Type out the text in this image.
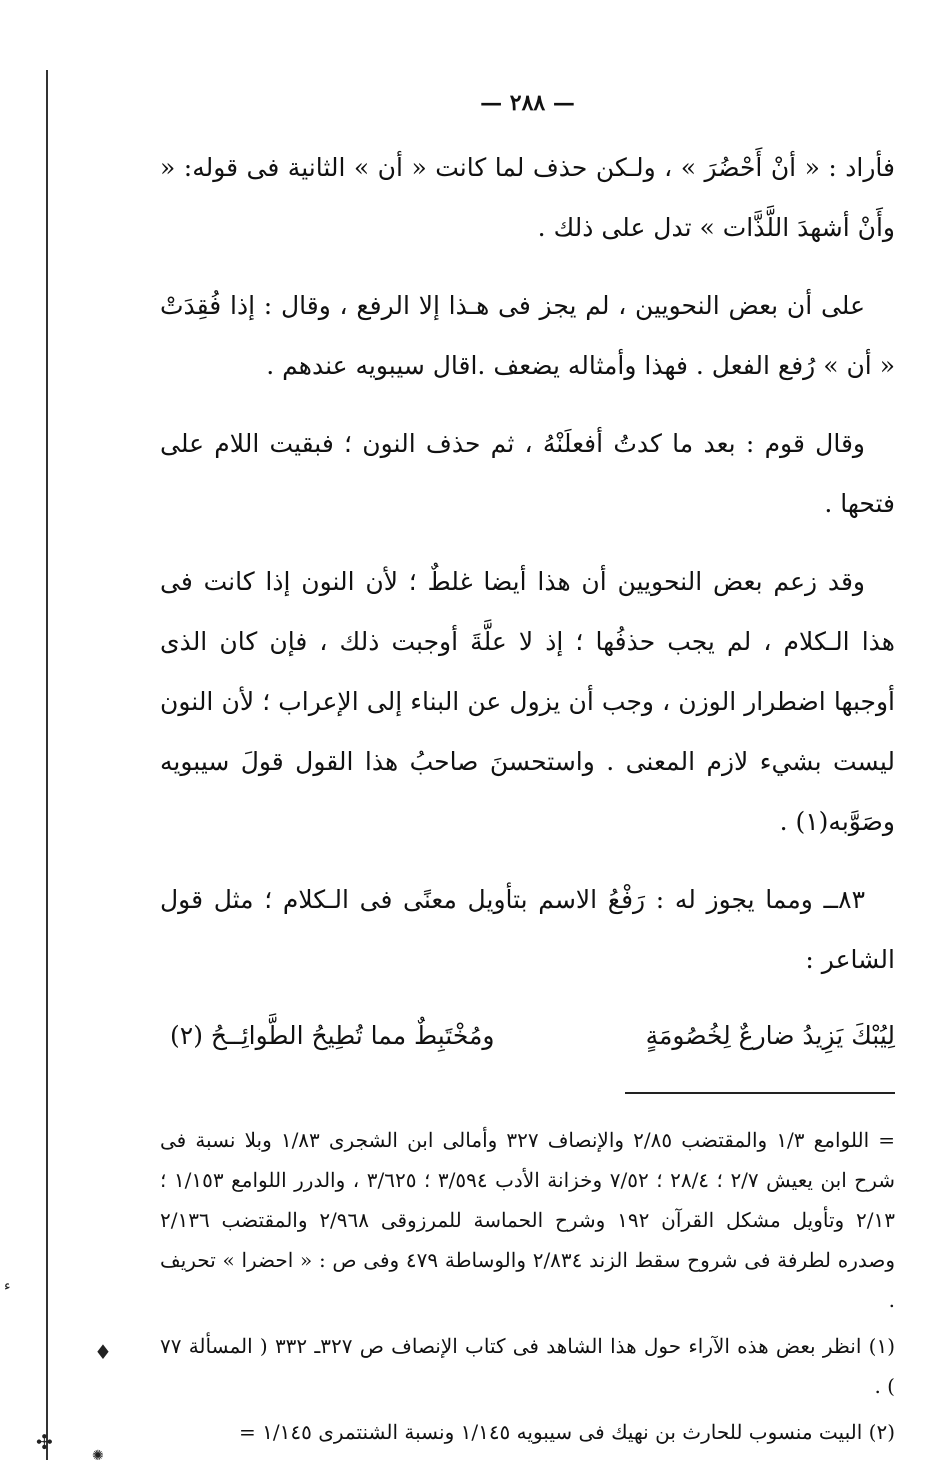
ء
♦
✣
✺
— ٢٨٨ —

فأراد : « أنْ أَحْضُرَ » ، ولـكن حذف لما كانت « أن » الثانية فى قوله: « وأَنْ أشهدَ اللَّذَّات » تدل على ذلك .

على أن بعض النحويين ، لم يجز فى هـذا إلا الرفع ، وقال : إذا فُقِدَتْ « أن » رُفع الفعل . فهذا وأمثاله يضعف .اقال سيبويه عندهم .

وقال قوم : بعد ما كدتُ أفعلَنْهُ ، ثم حذف النون ؛ فبقيت اللام على فتحها .

وقد زعم بعض النحويين أن هذا أيضا غلطٌ ؛ لأن النون إذا كانت فى هذا الـكلام ، لم يجب حذفُها ؛ إذ لا علَّةَ أوجبت ذلك ، فإن كان الذى أوجبها اضطرار الوزن ، وجب أن يزول عن البناء إلى الإعراب ؛ لأن النون ليست بشيء لازم المعنى . واستحسنَ صاحبُ هذا القول قولَ سيبويه وصَوَّبه(١) .

٨٣ــ ومما يجوز له : رَفْعُ الاسم بتأويل معنًى فى الـكلام ؛ مثل قول الشاعر :

لِيُبْكَ يَزِيدُ ضارعٌ لِخُصُومَةٍ
ومُخْتَبِطٌ مما تُطِيحُ الطَّوائِــحُ (٢)

= اللوامع ١/٣ والمقتضب ٢/٨٥ والإنصاف ٣٢٧ وأمالى ابن الشجرى ١/٨٣ وبلا نسبة فى شرح ابن يعيش ٢/٧ ؛ ٢٨/٤ ؛ ٧/٥٢ وخزانة الأدب ٣/٥٩٤ ؛ ٣/٦٢٥ ، والدرر اللوامع ١/١٥٣ ؛ ٢/١٣ وتأويل مشكل القرآن ١٩٢ وشرح الحماسة للمرزوقى ٢/٩٦٨ والمقتضب ٢/١٣٦ وصدره لطرفة فى شروح سقط الزند ٢/٨٣٤ والوساطة ٤٧٩ وفى ص : « احضرا » تحريف .

(١) انظر بعض هذه الآراء حول هذا الشاهد فى كتاب الإنصاف ص ٣٢٧ـ ٣٣٢ ( المسألة ٧٧ ) .

(٢) البيت منسوب للحارث بن نهيك فى سيبويه ١/١٤٥ ونسبة الشنتمرى ١/١٤٥ =
